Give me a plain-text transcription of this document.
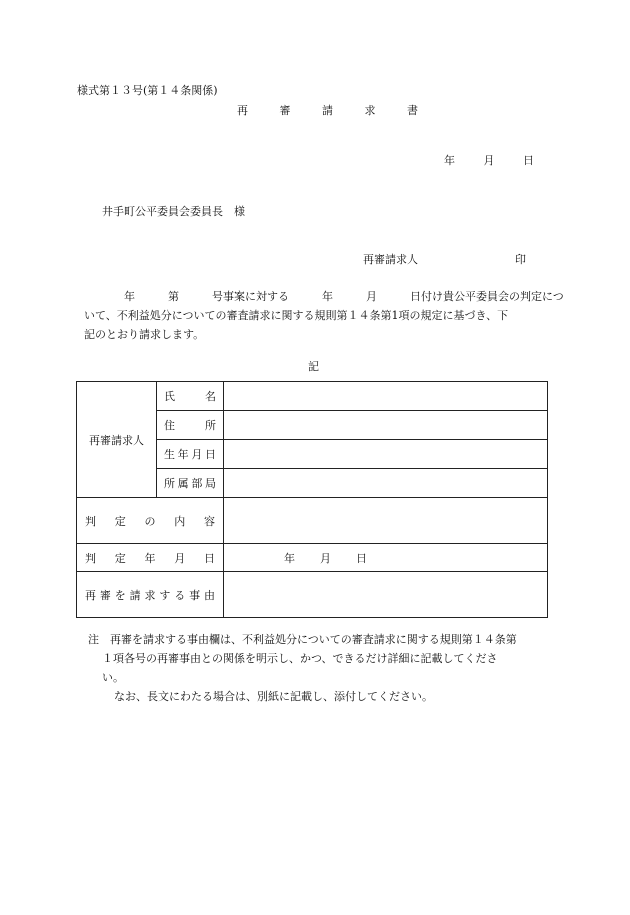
様式第１３号(第１４条関係)
再	審	請	求	書
年	月	日
井手町公平委員会委員長　様
再審請求人	印
年　　　第　　　号事案に対する　　　年　　　月　　　日付け貴公平委員会の判定につ
いて、不利益処分についての審査請求に関する規則第１４条第1項の規定に基づき、下
記のとおり請求します。
記
再審請求人	氏　名	
	住　所	
	生年月日	
	所属部局	
判定の内容		
判定年月日		年 月 日
再審を請求する事由		
注　再審を請求する事由欄は、不利益処分についての審査請求に関する規則第１４条第
１項各号の再審事由との関係を明示し、かつ、できるだけ詳細に記載してくださ
い。
なお、長文にわたる場合は、別紙に記載し、添付してください。
